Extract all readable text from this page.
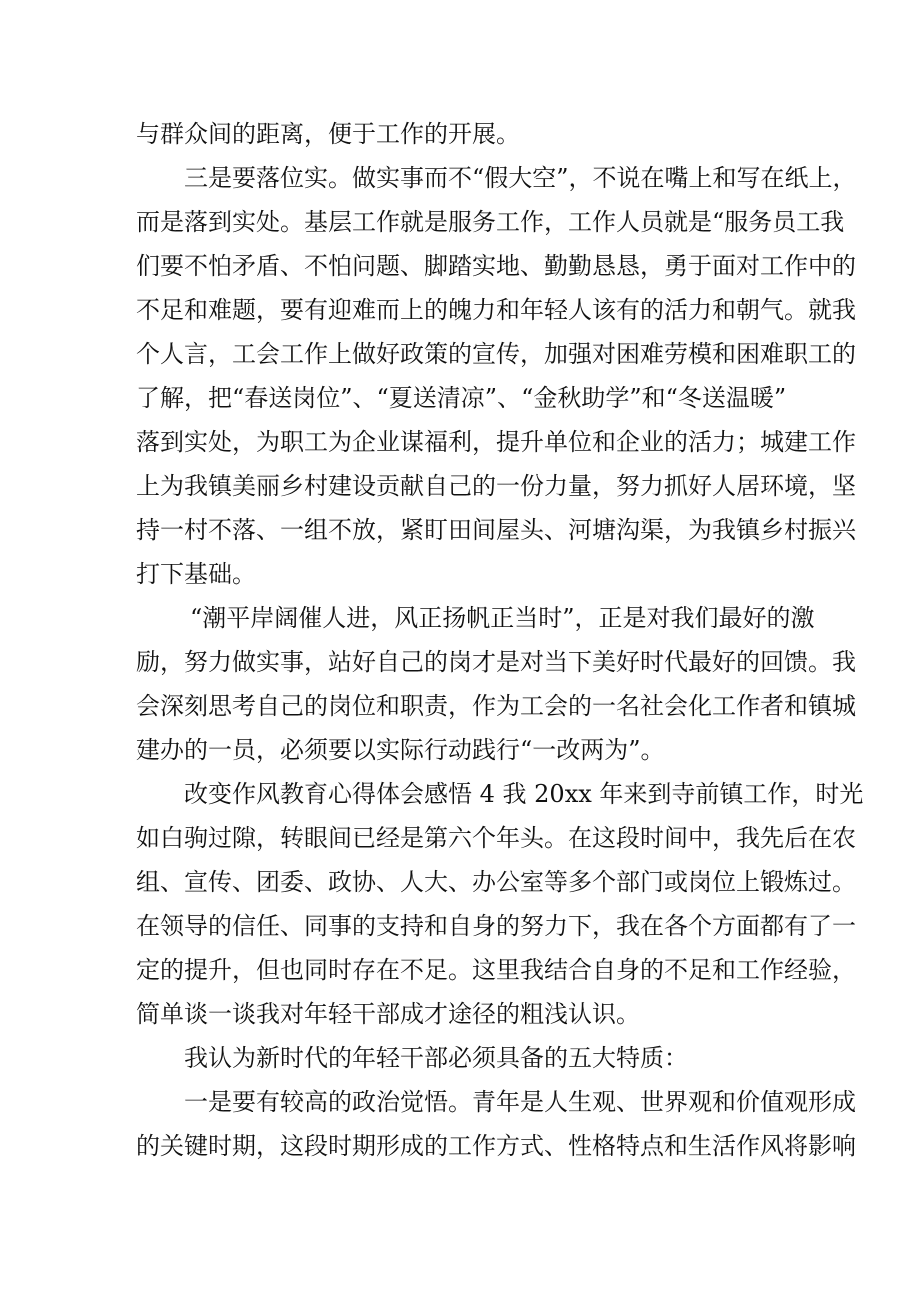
与群众间的距离，便于工作的开展。
三是要落位实。做实事而不“假大空”，不说在嘴上和写在纸上，
而是落到实处。基层工作就是服务工作，工作人员就是“服务员工我
们要不怕矛盾、不怕问题、脚踏实地、勤勤恳恳，勇于面对工作中的
不足和难题，要有迎难而上的魄力和年轻人该有的活力和朝气。就我
个人言，工会工作上做好政策的宣传，加强对困难劳模和困难职工的
了解，把“春送岗位”、“夏送清凉”、“金秋助学”和“冬送温暖”
落到实处，为职工为企业谋福利，提升单位和企业的活力；城建工作
上为我镇美丽乡村建设贡献自己的一份力量，努力抓好人居环境，坚
持一村不落、一组不放，紧盯田间屋头、河塘沟渠，为我镇乡村振兴
打下基础。
“潮平岸阔催人进，风正扬帆正当时”，正是对我们最好的激
励，努力做实事，站好自己的岗才是对当下美好时代最好的回馈。我
会深刻思考自己的岗位和职责，作为工会的一名社会化工作者和镇城
建办的一员，必须要以实际行动践行“一改两为”。
改变作风教育心得体会感悟 4 我 20xx 年来到寺前镇工作，时光
如白驹过隙，转眼间已经是第六个年头。在这段时间中，我先后在农
组、宣传、团委、政协、人大、办公室等多个部门或岗位上锻炼过。
在领导的信任、同事的支持和自身的努力下，我在各个方面都有了一
定的提升，但也同时存在不足。这里我结合自身的不足和工作经验，
简单谈一谈我对年轻干部成才途径的粗浅认识。
我认为新时代的年轻干部必须具备的五大特质：
一是要有较高的政治觉悟。青年是人生观、世界观和价值观形成
的关键时期，这段时期形成的工作方式、性格特点和生活作风将影响
